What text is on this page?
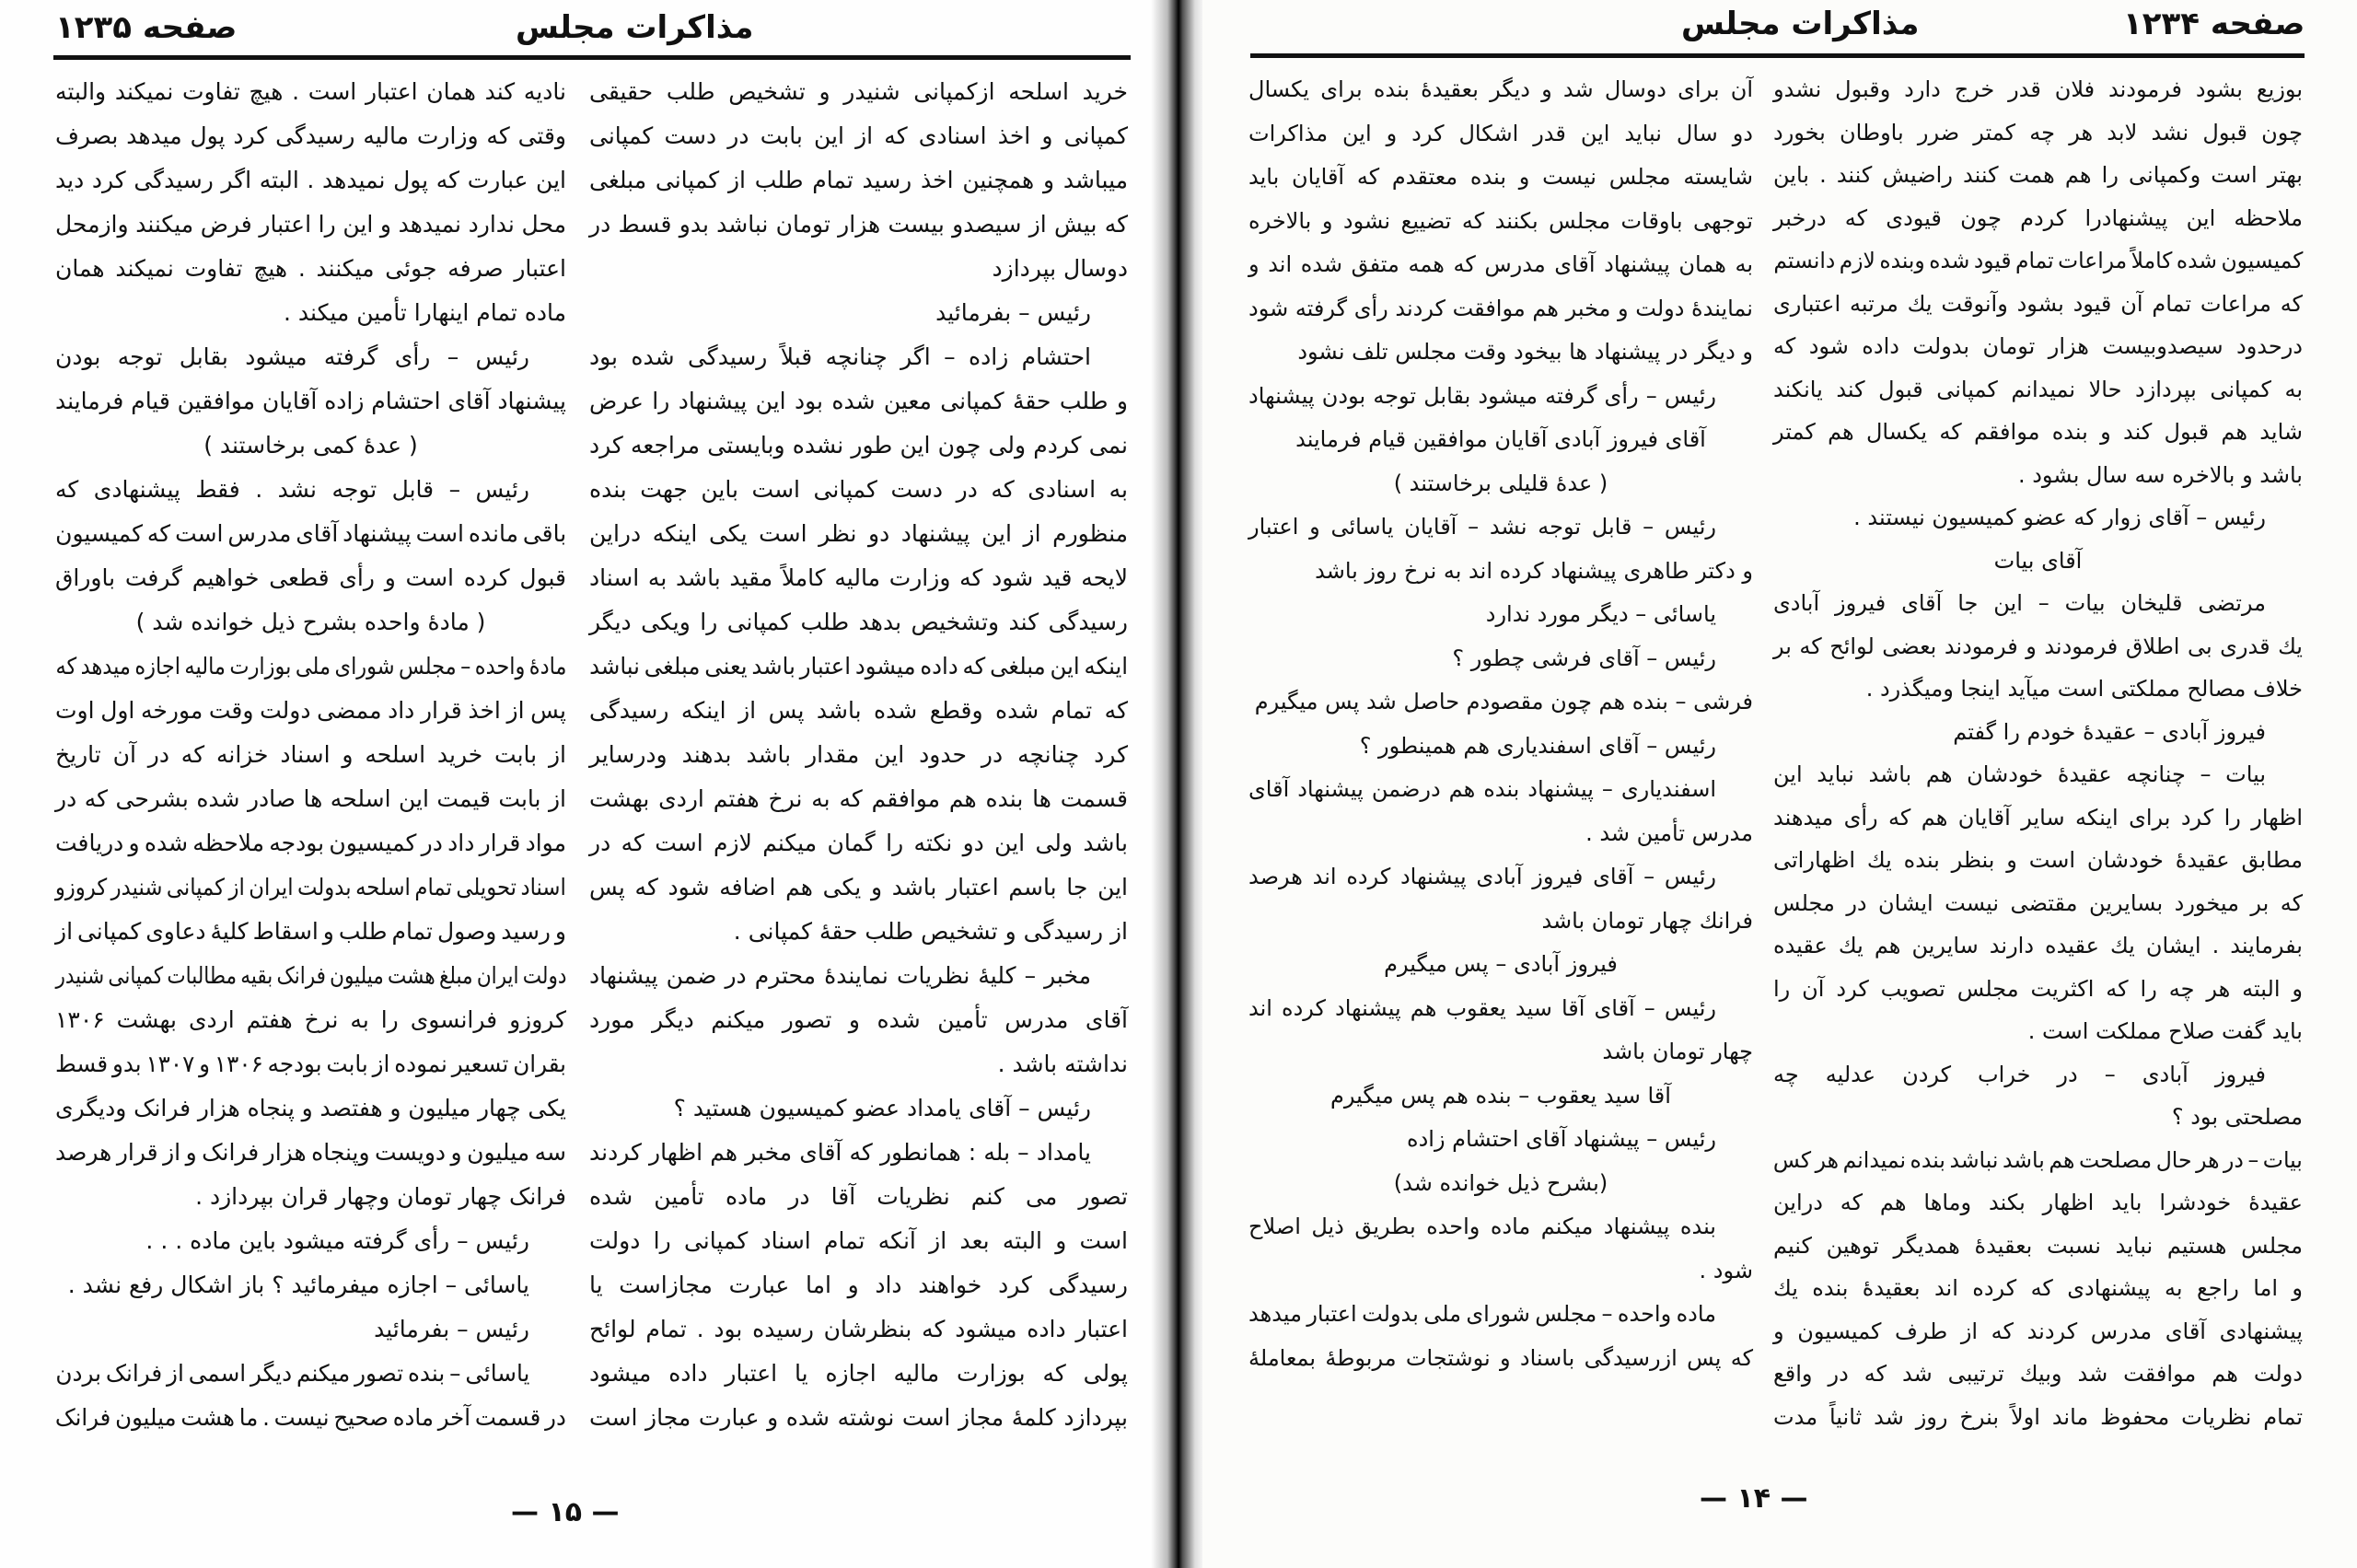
مذاکرات مجلس
صفحه ۱۲۳۵
خرید اسلحه ازکمپانی شنیدر و تشخیص طلب حقیقی
کمپانی و اخذ اسنادی که از این بابت در دست کمپانی
میباشد و همچنین اخذ رسید تمام طلب از کمپانی مبلغی
که بیش از سیصدو بیست هزار تومان نباشد بدو قسط در
دوسال بپردازد
رئیس – بفرمائید
احتشام زاده – اگر چنانچه قبلاً رسیدگی شده بود
و طلب حقهٔ کمپانی معین شده بود این پیشنهاد را عرض
نمی کردم ولی چون این طور نشده وبایستی مراجعه کرد
به اسنادی که در دست کمپانی است باین جهت بنده
منظورم از این پیشنهاد دو نظر است یکی اینکه دراین
لایحه قید شود که وزارت مالیه کاملاً مقید باشد به اسناد
رسیدگی کند وتشخیص بدهد طلب کمپانی را ویکی دیگر
اینکه این مبلغی که داده میشود اعتبار باشد یعنی مبلغی نباشد
که تمام شده وقطع شده باشد پس از اینکه رسیدگی
کرد چنانچه در حدود این مقدار باشد بدهند ودرسایر
قسمت ها بنده هم موافقم که به نرخ هفتم اردی بهشت
باشد ولی این دو نکته را گمان میکنم لازم است که در
این جا باسم اعتبار باشد و یکی هم اضافه شود که پس
از رسیدگی و تشخیص طلب حقهٔ کمپانی .
مخبر – کلیهٔ نظریات نمایندهٔ محترم در ضمن پیشنهاد
آقای مدرس تأمین شده و تصور میکنم دیگر مورد
نداشته باشد .
رئیس – آقای یامداد عضو کمیسیون هستید ؟
یامداد – بله : همانطور که آقای مخبر هم اظهار کردند
تصور می کنم نظریات آقا در ماده تأمین شده
است و البته بعد از آنکه تمام اسناد کمپانی را دولت
رسیدگی کرد خواهند داد و اما عبارت مجازاست یا
اعتبار داده میشود که بنظرشان رسیده بود . تمام لوائح
پولی که بوزارت مالیه اجازه یا اعتبار داده میشود
بپردازد کلمهٔ مجاز است نوشته شده و عبارت مجاز است
نادیه کند همان اعتبار است . هیچ تفاوت نمیکند والبته
وقتی که وزارت مالیه رسیدگی کرد پول میدهد بصرف
این عبارت که پول نمیدهد . البته اگر رسیدگی کرد دید
محل ندارد نمیدهد و این را اعتبار فرض میکنند وازمحل
اعتبار صرفه جوئی میکنند . هیچ تفاوت نمیکند همان
ماده تمام اینهارا تأمین میکند .
رئیس – رأی گرفته میشود بقابل توجه بودن
پیشنهاد آقای احتشام زاده آقایان موافقین قیام فرمایند
( عدهٔ کمی برخاستند )
رئیس – قابل توجه نشد . فقط پیشنهادی که
باقی مانده است پیشنهاد آقای مدرس است که کمیسیون
قبول کرده است و رأی قطعی خواهیم گرفت باوراق
( مادهٔ واحده بشرح ذیل خوانده شد )
مادهٔ واحده – مجلس شورای ملی بوزارت مالیه اجازه میدهد که
پس از اخذ قرار داد ممضی دولت وقت مورخه اول اوت
از بابت خرید اسلحه و اسناد خزانه که در آن تاریخ
از بابت قیمت این اسلحه ها صادر شده بشرحی که در
مواد قرار داد در کمیسیون بودجه ملاحظه شده و دریافت
اسناد تحویلی تمام اسلحه بدولت ایران از کمپانی شنیدر کروزو
و رسید وصول تمام طلب و اسقاط کلیهٔ دعاوی کمپانی از
دولت ایران مبلغ هشت میلیون فرانک بقیه مطالبات کمپانی شنیدر
کروزو فرانسوی را به نرخ هفتم اردی بهشت ۱۳۰۶
بقران تسعیر نموده از بابت بودجه ۱۳۰۶ و ۱۳۰۷ بدو قسط
یکی چهار میلیون و هفتصد و پنجاه هزار فرانک ودیگری
سه میلیون و دویست وپنجاه هزار فرانک و از قرار هرصد
فرانک چهار تومان وچهار قران بپردازد .
رئیس – رأی گرفته میشود باین ماده . . .
یاسائی – اجازه میفرمائید ؟ باز اشکال رفع نشد .
رئیس – بفرمائید
یاسائی – بنده تصور میکنم دیگر اسمی از فرانک بردن
در قسمت آخر ماده صحیح نیست . ما هشت میلیون فرانک
— ۱۵ —
مذاکرات مجلس	صفحه ۱۲۳۴
بوزیع بشود فرمودند فلان قدر خرج دارد وقبول نشدو
چون قبول نشد لابد هر چه کمتر ضرر باوطان بخورد
بهتر است وکمپانی را هم همت کنند راضیش کنند . باین
ملاحظه این پیشنهادرا کردم چون قیودی که درخبر
کمیسیون شده کاملاً مراعات تمام قیود شده وبنده لازم دانستم
که مراعات تمام آن قیود بشود وآنوقت یك مرتبه اعتباری
درحدود سیصدوبیست هزار تومان بدولت داده شود که
به کمپانی بپردازد حالا نمیدانم کمپانی قبول کند یانکند
شاید هم قبول کند و بنده موافقم که یکسال هم کمتر
باشد و بالاخره سه سال بشود .
رئیس – آقای زوار که عضو کمیسیون نیستند .
آقای بیات
مرتضی قلیخان بیات – این جا آقای فیروز آبادی
یك قدری بی اطلاق فرمودند و فرمودند بعضی لوائح که بر
خلاف مصالح مملکتی است میآید اینجا ومیگذرد .
فیروز آبادی – عقیدهٔ خودم را گفتم
بیات – چنانچه عقیدهٔ خودشان هم باشد نباید این
اظهار را کرد برای اینکه سایر آقایان هم که رأی میدهند
مطابق عقیدهٔ خودشان است و بنظر بنده یك اظهاراتی
که بر میخورد بسایرین مقتضی نیست ایشان در مجلس
بفرمایند . ایشان یك عقیده دارند سایرین هم یك عقیده
و البته هر چه را که اکثریت مجلس تصویب کرد آن را
باید گفت صلاح مملکت است .
فیروز آبادی – در خراب کردن عدلیه چه
مصلحتی بود ؟
بیات – در هر حال مصلحت هم باشد نباشد بنده نمیدانم هر کس
عقیدهٔ خودشرا باید اظهار بکند وماها هم که دراین
مجلس هستیم نباید نسبت بعقیدهٔ همدیگر توهین کنیم
و اما راجع به پیشنهادی که کرده اند بعقیدهٔ بنده یك
پیشنهادی آقای مدرس کردند که از طرف کمیسیون و
دولت هم موافقت شد وبیك ترتیبی شد که در واقع
تمام نظریات محفوظ ماند اولاً بنرخ روز شد ثانیاً مدت
آن برای دوسال شد و دیگر بعقیدهٔ بنده برای یکسال
دو سال نباید این قدر اشکال کرد و این مذاکرات
شایسته مجلس نیست و بنده معتقدم که آقایان باید
توجهی باوقات مجلس بکنند که تضییع نشود و بالاخره
به همان پیشنهاد آقای مدرس که همه متفق شده اند و
نمایندهٔ دولت و مخبر هم موافقت کردند رأی گرفته شود
و دیگر در پیشنهاد ها بیخود وقت مجلس تلف نشود
رئیس – رأی گرفته میشود بقابل توجه بودن پیشنهاد
آقای فیروز آبادی آقایان موافقین قیام فرمایند
( عدهٔ قلیلی برخاستند )
رئیس – قابل توجه نشد – آقایان یاسائی و اعتبار
و دکتر طاهری پیشنهاد کرده اند به نرخ روز باشد
یاسائی – دیگر مورد ندارد
رئیس – آقای فرشی چطور ؟
فرشی – بنده هم چون مقصودم حاصل شد پس میگیرم
رئیس – آقای اسفندیاری هم همینطور ؟
اسفندیاری – پیشنهاد بنده هم درضمن پیشنهاد آقای
مدرس تأمین شد .
رئیس – آقای فیروز آبادی پیشنهاد کرده اند هرصد
فرانك چهار تومان باشد
فیروز آبادی – پس میگیرم
رئیس – آقای آقا سید یعقوب هم پیشنهاد کرده اند
چهار تومان باشد
آقا سید یعقوب – بنده هم پس میگیرم
رئیس – پیشنهاد آقای احتشام زاده
(بشرح ذیل خوانده شد)
بنده پیشنهاد میکنم ماده واحده بطریق ذیل اصلاح
شود .
ماده واحده – مجلس شورای ملی بدولت اعتبار میدهد
که پس ازرسیدگی باسناد و نوشتجات مربوطهٔ بمعاملهٔ
— ۱۴ —
